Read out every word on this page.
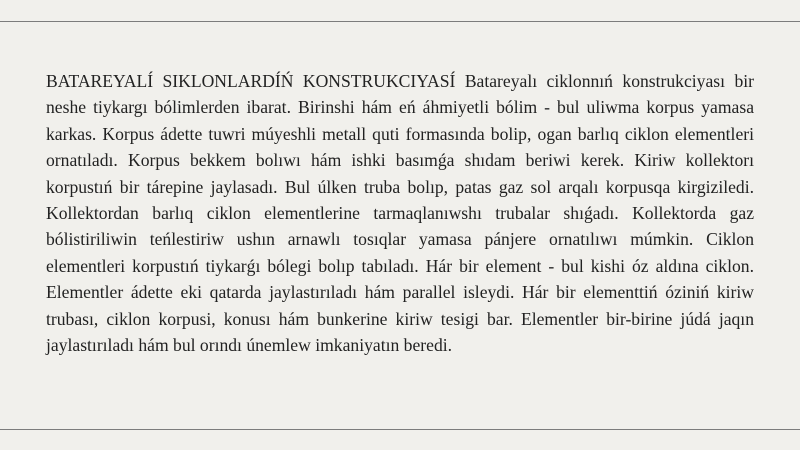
BATAREYALÍ SIKLONLARDÍŃ KONSTRUKCIYASÍ Batareyalı ciklonnıń konstrukciyası bir neshe tiykargı bólimlerden ibarat. Birinshi hám eń áhmiyetli bólim - bul uliwma korpus yamasa karkas. Korpus ádette tuwri múyeshli metall quti formasında bolip, ogan barlıq ciklon elementleri ornatıladı. Korpus bekkem bolıwı hám ishki basımǵa shıdam beriwi kerek. Kiriw kollektorı korpustıń bir tárepine jaylasadı. Bul úlken truba bolıp, patas gaz sol arqalı korpusqa kirgiziledi. Kollektordan barlıq ciklon elementlerine tarmaqlanıwshı trubalar shıǵadı. Kollektorda gaz bólistiriliwin teńlestiriw ushın arnawlı tosıqlar yamasa pánjere ornatılıwı múmkin. Ciklon elementleri korpustıń tiykarǵı bólegi bolıp tabıladı. Hár bir element - bul kishi óz aldına ciklon. Elementler ádette eki qatarda jaylastırıladı hám parallel isleydi. Hár bir elementtiń óziniń kiriw trubası, ciklon korpusi, konusı hám bunkerine kiriw tesigi bar. Elementler bir-birine júdá jaqın jaylastırıladı hám bul orındı únemlew imkaniyatın beredi.
